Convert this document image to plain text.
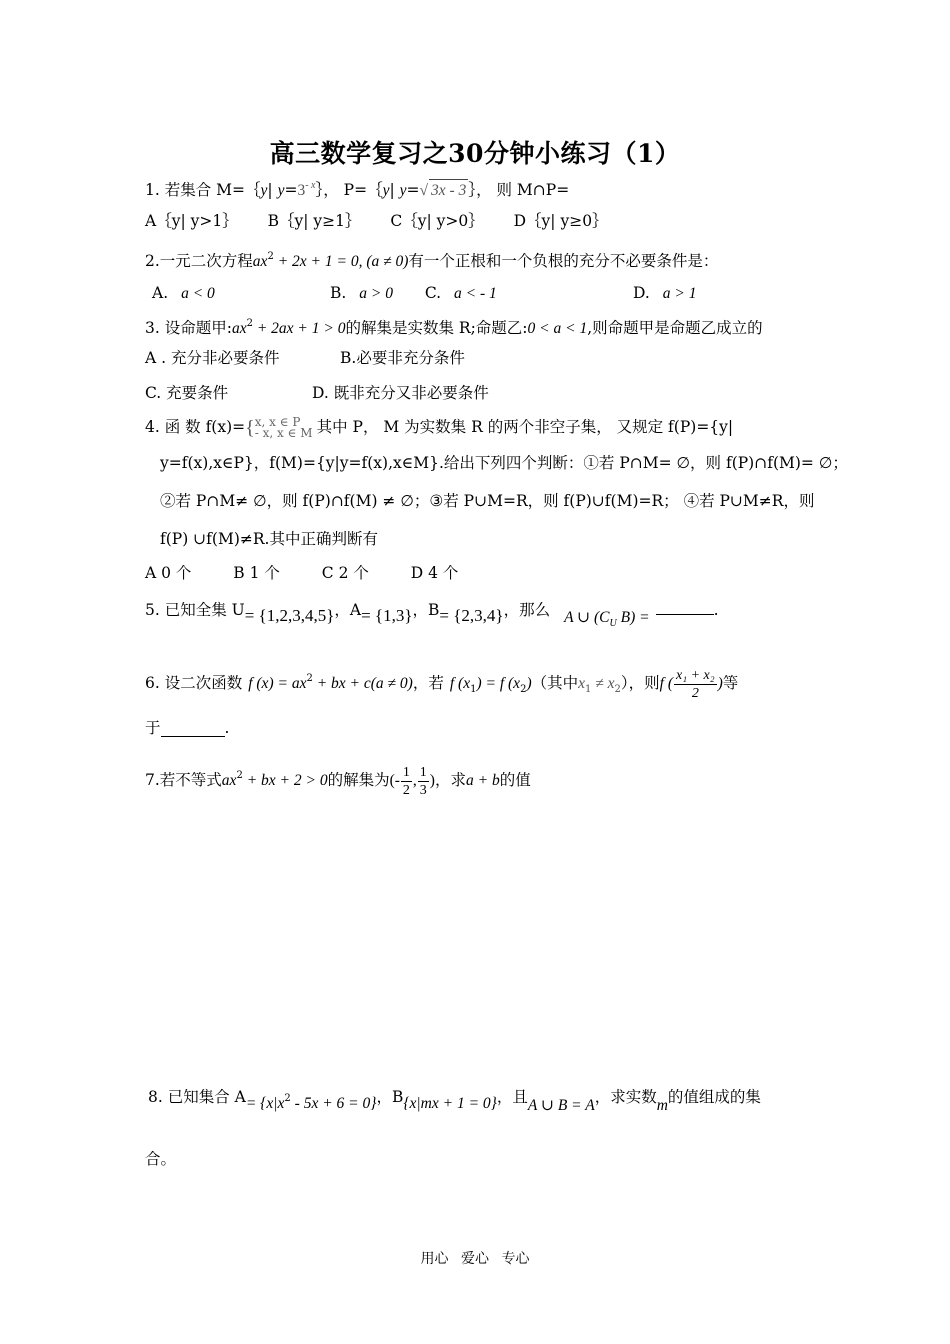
高三数学复习之30分钟小练习（1）
1. 若集合 M=｛y| $y=3^{- x}\}$， P=｛y| y=√ 3x - 3 ｝， 则 M∩P=
A｛y| y>1｝ B｛y| y≥1｝ C｛y| y>0｝ D｛y| y≥0｝
2.一元二次方程$ax^2 + 2x + 1 = 0$, (a ≠ 0)有一个正根和一个负根的充分不必要条件是：
A. a < 0	B. a > 0 C. a < - 1	D. a > 1
3. 设命题甲$:ax^2 + 2ax + 1 > 0$的解集是实数集 R;命题乙:0 < a < 1,则命题甲是命题乙成立的
A . 充分非必要条件	B.必要非充分条件
C. 充要条件	D. 既非充分又非必要条件
4. 函 数 f(x)={ x, x ∈ P
- x, x ∈ M 其中 P， M 为实数集 R 的两个非空子集， 又规定 f(P)={y|
y=f(x),x∈P}，f(M)={y|y=f(x),x∈M}.给出下列四个判断：①若 P∩M= ∅，则 f(P)∩f(M)= ∅；
②若 P∩M≠ ∅，则 f(P)∩f(M) ≠ ∅；③若 P∪M=R，则 f(P)∪f(M)=R； ④若 P∪M≠R，则
f(P) ∪f(M)≠R.其中正确判断有
A 0 个	B 1 个	C 2 个	D 4 个
5. 已知全集 U= {1,2,3,4,5}，A= {1,3}，B= {2,3,4}，那么 A ∪ ($C_U$ B) =	.
6. 设二次函数 f $(x) = ax^2$ + bx + c(a ≠ 0)，若 f $(x_1) = f$ $(x_2)$（其中$x_1 \ne x_2$），则f ( $\frac{\text{x₁ + x₂}}{2}$ )等
于	.
7.若不等式$ax^2$ + bx + 2 > 0的解集为(- $\frac{1}{2}$ , $\frac{1}{3}$ )，求a + b的值
8. 已知集合 A= {x|x2 - 5x + 6 = 0}，B{x|mx + 1 = 0}，且A ∪ B = A，求实数m的值组成的集
合。
用心 爱心 专心
